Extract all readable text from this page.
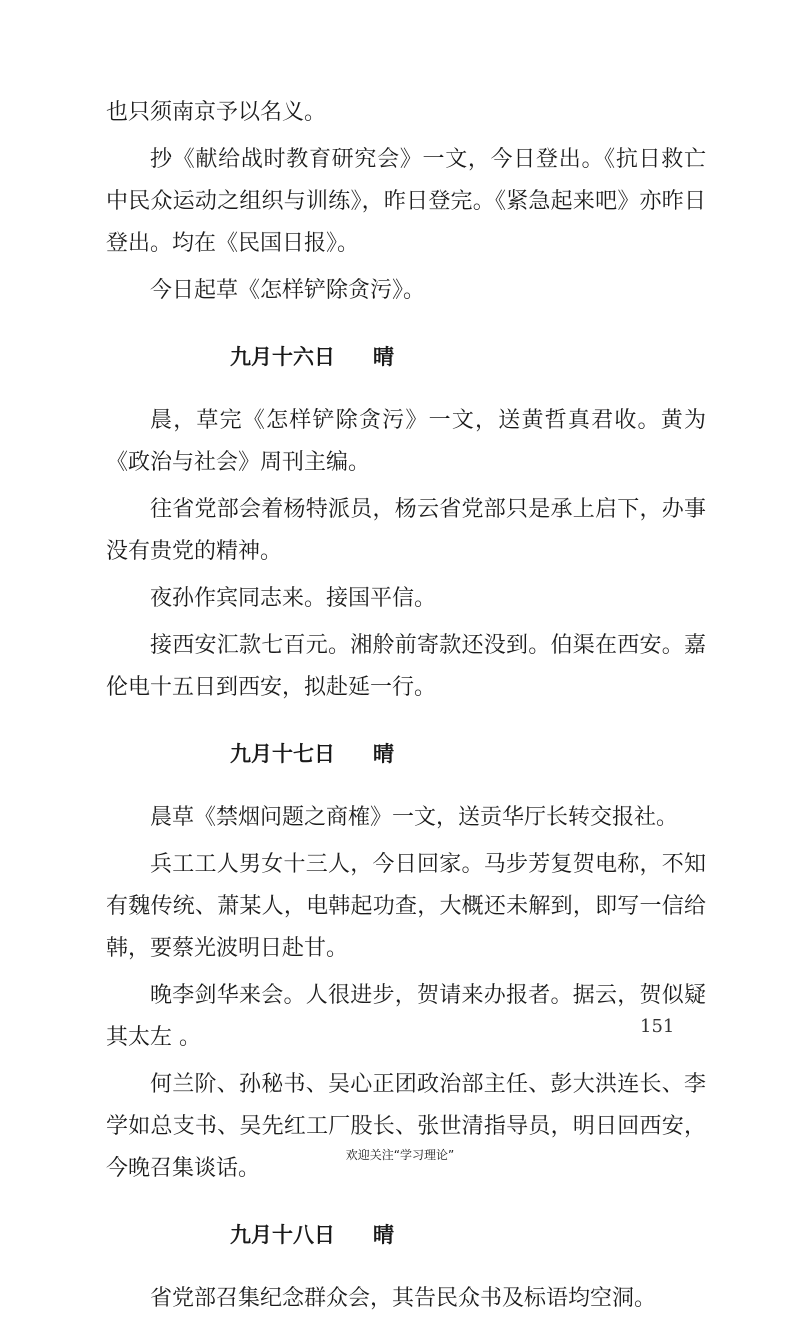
也只须南京予以名义。

抄《献给战时教育研究会》一文，今日登出。《抗日救亡中民众运动之组织与训练》，昨日登完。《紧急起来吧》亦昨日登出。均在《民国日报》。

今日起草《怎样铲除贪污》。

九月十六日 晴

晨，草完《怎样铲除贪污》一文，送黄哲真君收。黄为《政治与社会》周刊主编。

往省党部会着杨特派员，杨云省党部只是承上启下，办事没有贵党的精神。

夜孙作宾同志来。接国平信。

接西安汇款七百元。湘舲前寄款还没到。伯渠在西安。嘉伦电十五日到西安，拟赴延一行。

九月十七日 晴

晨草《禁烟问题之商榷》一文，送贡华厅长转交报社。

兵工工人男女十三人，今日回家。马步芳复贺电称，不知有魏传统、萧某人，电韩起功查，大概还未解到，即写一信给韩，要蔡光波明日赴甘。

晚李剑华来会。人很进步，贺请来办报者。据云，贺似疑其太左 。

何兰阶、孙秘书、吴心正团政治部主任、彭大洪连长、李学如总支书、吴先红工厂股长、张世清指导员，明日回西安，今晚召集谈话。

九月十八日 晴

省党部召集纪念群众会，其告民众书及标语均空洞。

151
欢迎关注“学习理论”
